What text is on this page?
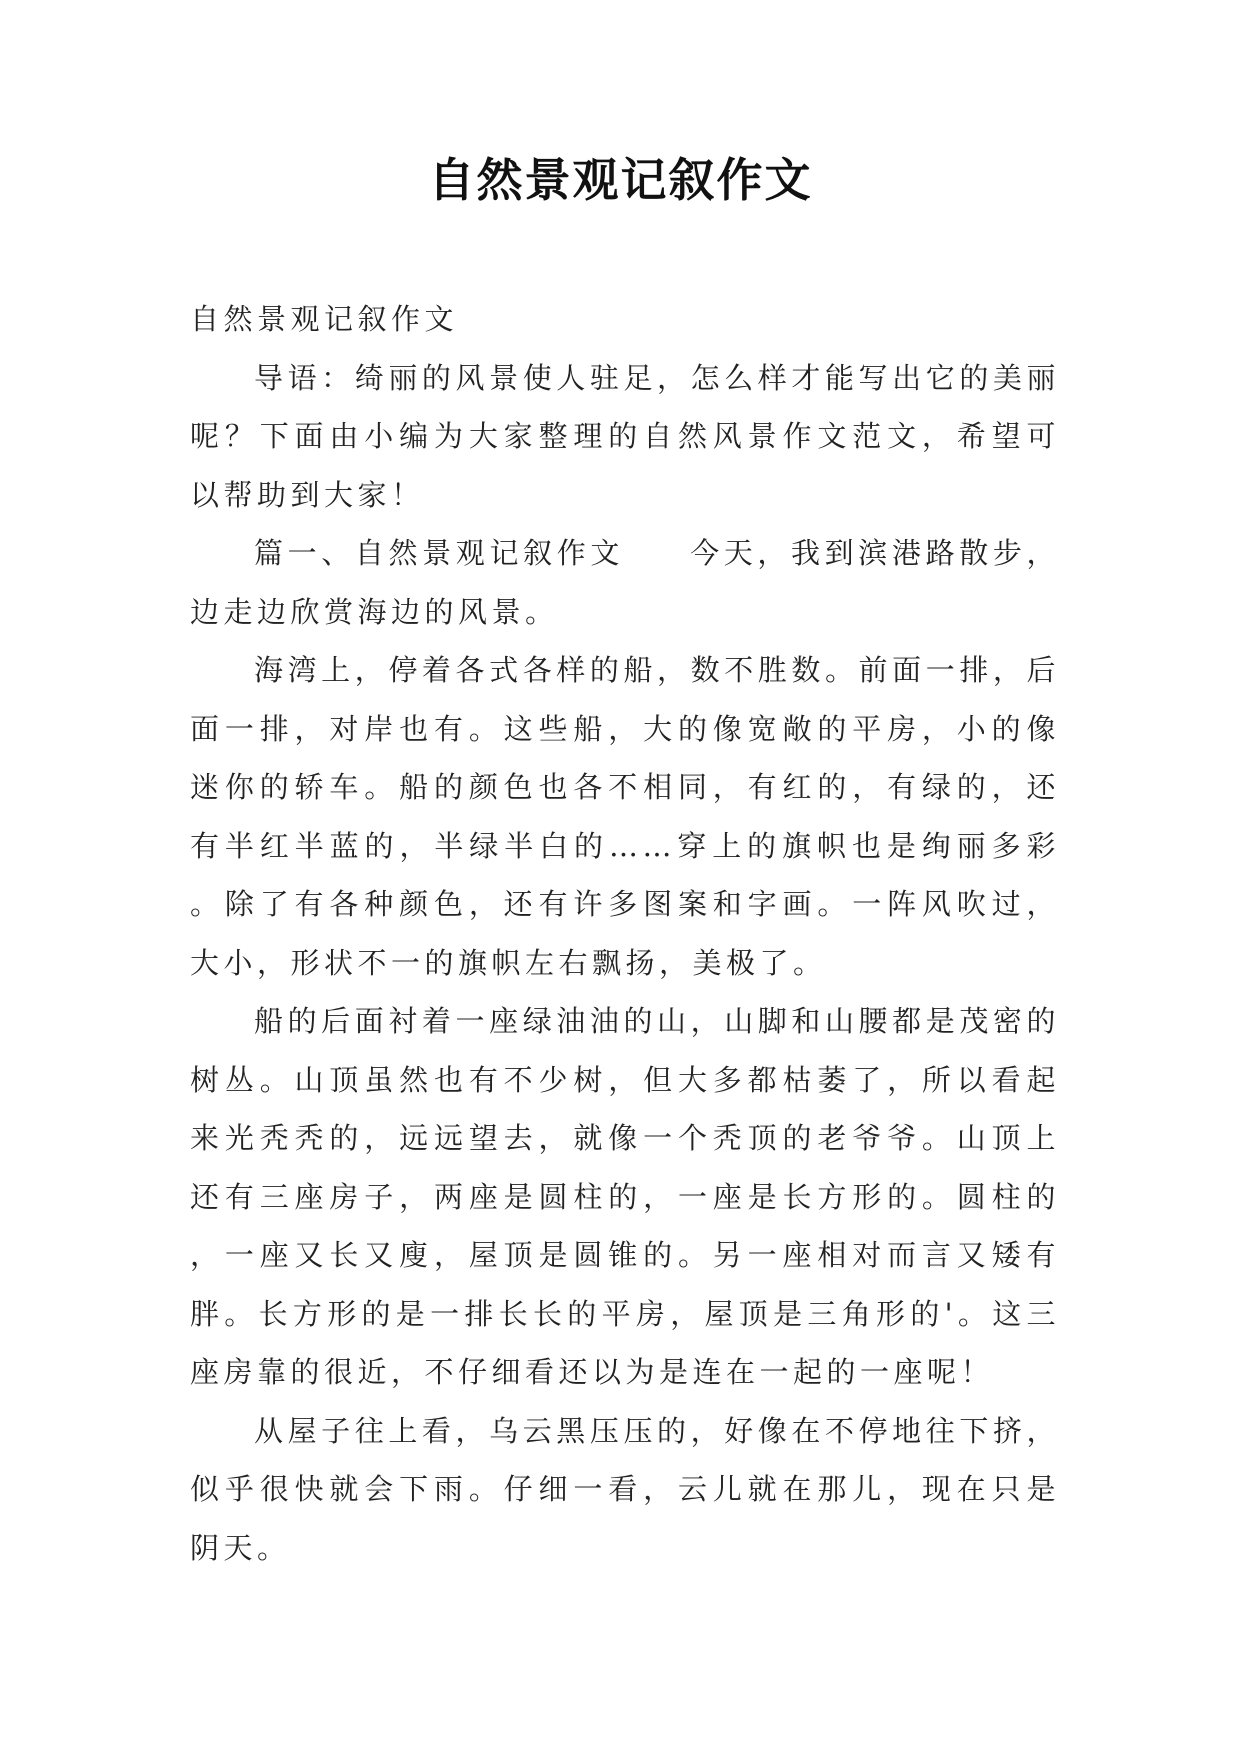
自然景观记叙作文

自然景观记叙作文

导语：绮丽的风景使人驻足，怎么样才能写出它的美丽呢？下面由小编为大家整理的自然风景作文范文，希望可以帮助到大家！

篇一、自然景观记叙作文 今天，我到滨港路散步，边走边欣赏海边的风景。

海湾上，停着各式各样的船，数不胜数。前面一排，后面一排，对岸也有。这些船，大的像宽敞的平房，小的像迷你的轿车。船的颜色也各不相同，有红的，有绿的，还有半红半蓝的，半绿半白的……穿上的旗帜也是绚丽多彩。除了有各种颜色，还有许多图案和字画。一阵风吹过，大小，形状不一的旗帜左右飘扬，美极了。

船的后面衬着一座绿油油的山，山脚和山腰都是茂密的树丛。山顶虽然也有不少树，但大多都枯萎了，所以看起来光秃秃的，远远望去，就像一个秃顶的老爷爷。山顶上还有三座房子，两座是圆柱的，一座是长方形的。圆柱的，一座又长又廋，屋顶是圆锥的。另一座相对而言又矮有胖。长方形的是一排长长的平房，屋顶是三角形的'。这三座房靠的很近，不仔细看还以为是连在一起的一座呢！

从屋子往上看，乌云黑压压的，好像在不停地往下挤，似乎很快就会下雨。仔细一看，云儿就在那儿，现在只是阴天。
